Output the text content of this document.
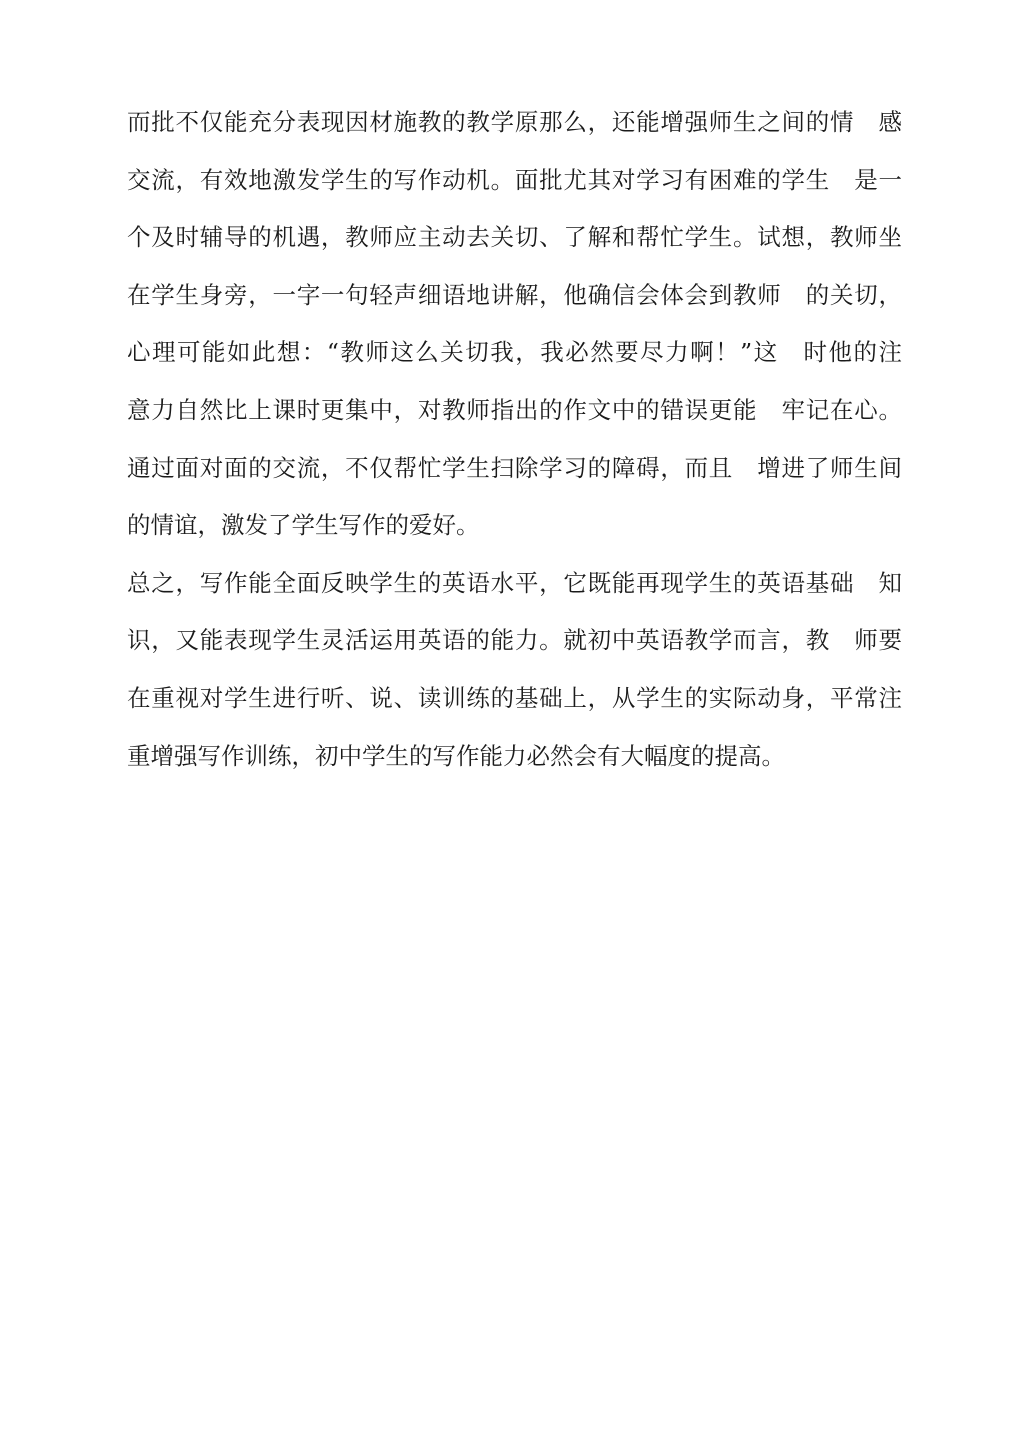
而批不仅能充分表现因材施教的教学原那么，还能增强师生之间的情　感
交流，有效地激发学生的写作动机。面批尤其对学习有困难的学生　是一
个及时辅导的机遇，教师应主动去关切、了解和帮忙学生。试想，教师坐
在学生身旁，一字一句轻声细语地讲解，他确信会体会到教师　的关切，
心理可能如此想：“教师这么关切我，我必然要尽力啊！”这　时他的注
意力自然比上课时更集中，对教师指出的作文中的错误更能　牢记在心。
通过面对面的交流，不仅帮忙学生扫除学习的障碍，而且　增进了师生间
的情谊，激发了学生写作的爱好。
总之，写作能全面反映学生的英语水平，它既能再现学生的英语基础　知
识，又能表现学生灵活运用英语的能力。就初中英语教学而言，教　师要
在重视对学生进行听、说、读训练的基础上，从学生的实际动身，平常注
重增强写作训练，初中学生的写作能力必然会有大幅度的提高。
